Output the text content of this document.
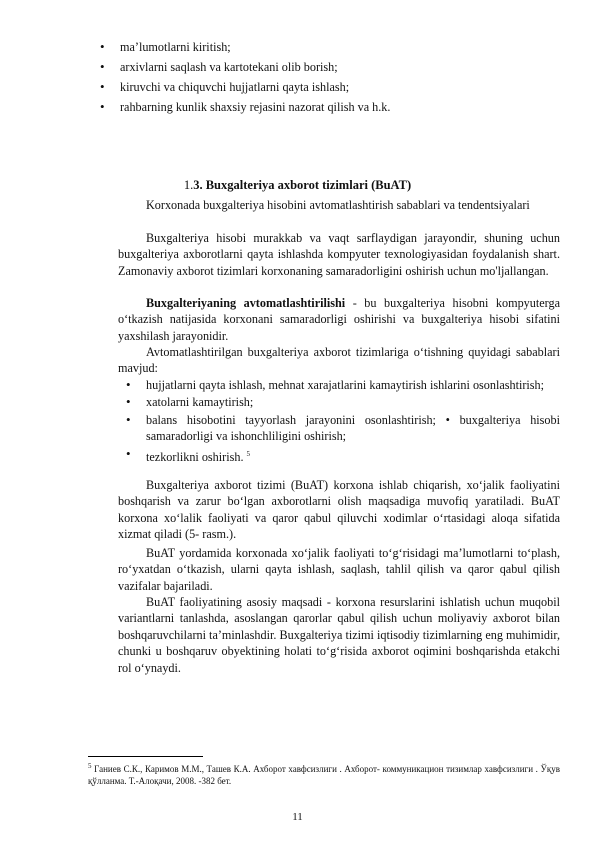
• ma’lumotlarni kiritish;
• arxivlarni saqlash va kartotekani olib borish;
• kiruvchi va chiquvchi hujjatlarni qayta ishlash;
• rahbarning kunlik shaxsiy rejasini nazorat qilish va h.k.
1.3. Buxgalteriya axborot tizimlari (BuAT)
Korxonada buxgalteriya hisobini avtomatlashtirish sabablari va tendentsiyalari
Buxgalteriya hisobi murakkab va vaqt sarflaydigan jarayondir, shuning uchun buxgalteriya axborotlarni qayta ishlashda kompyuter texnologiyasidan foydalanish shart. Zamonaviy axborot tizimlari korxonaning samaradorligini oshirish uchun mo'ljallangan.
Buxgalteriyaning avtomatlashtirilishi - bu buxgalteriya hisobni kompyuterga o‘tkazish natijasida korxonani samaradorligi oshirishi va buxgalteriya hisobi sifatini yaxshilash jarayonidir.
Avtomatlashtirilgan buxgalteriya axborot tizimlariga o‘tishning quyidagi sabablari mavjud:
• hujjatlarni qayta ishlash, mehnat xarajatlarini kamaytirish ishlarini osonlashtirish;
• xatolarni kamaytirish;
• balans hisobotini tayyorlash jarayonini osonlashtirish; • buxgalteriya hisobi samaradorligi va ishonchliligini oshirish;
• tezkorlikni oshirish. $^5$
Buxgalteriya axborot tizimi (BuAT) korxona ishlab chiqarish, xo‘jalik faoliyatini boshqarish va zarur bo‘lgan axborotlarni olish maqsadiga muvofiq yaratiladi. BuAT korxona xo‘lalik faoliyati va qaror qabul qiluvchi xodimlar o‘rtasidagi aloqa sifatida xizmat qiladi (5- rasm.).
BuAT yordamida korxonada xo‘jalik faoliyati to‘g‘risidagi ma’lumotlarni to‘plash, ro‘yxatdan o‘tkazish, ularni qayta ishlash, saqlash, tahlil qilish va qaror qabul qilish vazifalar bajariladi.
BuAT faoliyatining asosiy maqsadi - korxona resurslarini ishlatish uchun muqobil variantlarni tanlashda, asoslangan qarorlar qabul qilish uchun moliyaviy axborot bilan boshqaruvchilarni ta’minlashdir. Buxgalteriya tizimi iqtisodiy tizimlarning eng muhimidir, chunki u boshqaruv obyektining holati to‘g‘risida axborot oqimini boshqarishda etakchi rol o‘ynaydi.
$^5$ Ганиев С.К., Каримов М.М., Ташев К.А. Ахборот хавфсизлиги . Ахборот- коммуникацион тизимлар хавфсизлиги . Ўқув қўлланма. Т.-Алоқачи, 2008. -382 бет.
11
